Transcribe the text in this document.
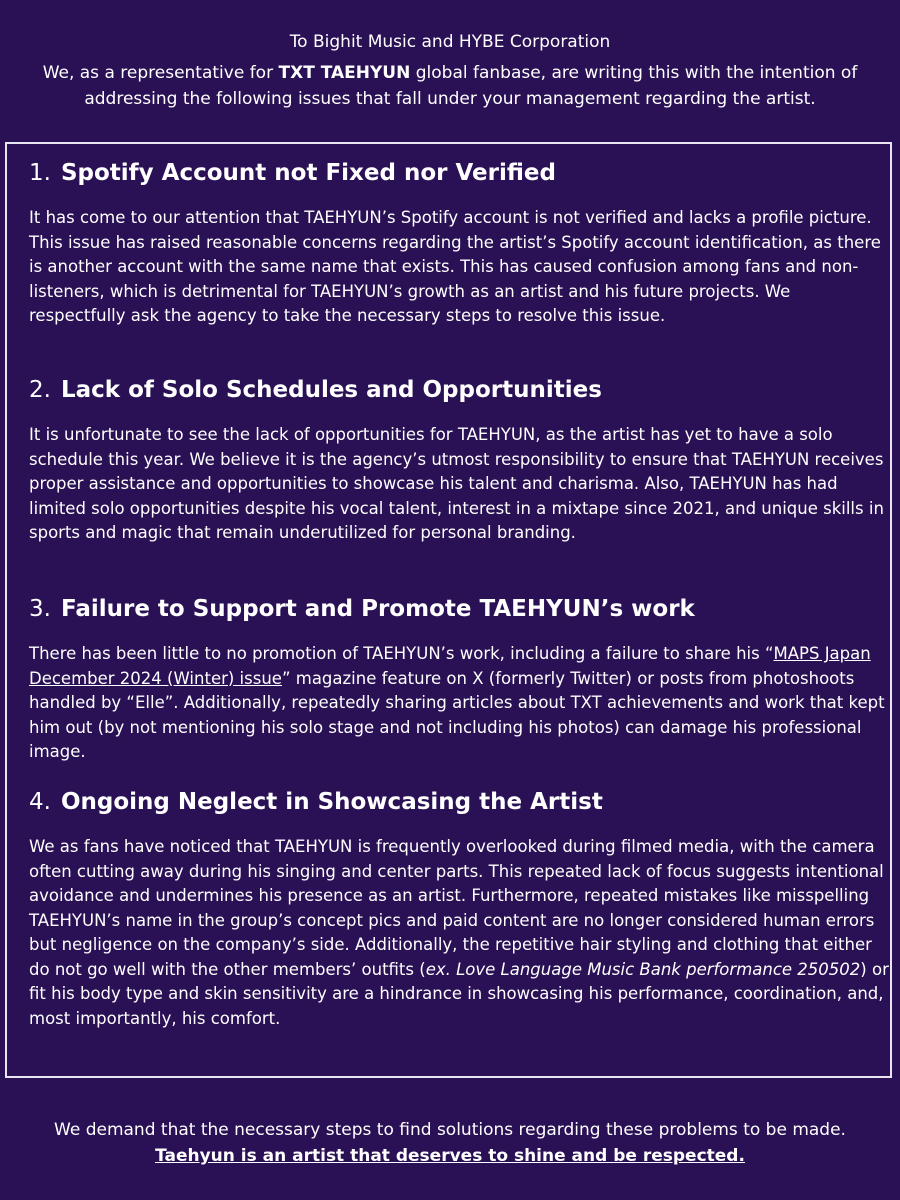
To Bighit Music and HYBE Corporation

We, as a representative for TXT TAEHYUN global fanbase, are writing this with the intention of addressing the following issues that fall under your management regarding the artist.

1. Spotify Account not Fixed nor Verified

It has come to our attention that TAEHYUN’s Spotify account is not verified and lacks a profile picture. This issue has raised reasonable concerns regarding the artist’s Spotify account identification, as there is another account with the same name that exists. This has caused confusion among fans and non-listeners, which is detrimental for TAEHYUN’s growth as an artist and his future projects. We respectfully ask the agency to take the necessary steps to resolve this issue.

2. Lack of Solo Schedules and Opportunities

It is unfortunate to see the lack of opportunities for TAEHYUN, as the artist has yet to have a solo schedule this year. We believe it is the agency’s utmost responsibility to ensure that TAEHYUN receives proper assistance and opportunities to showcase his talent and charisma. Also, TAEHYUN has had limited solo opportunities despite his vocal talent, interest in a mixtape since 2021, and unique skills in sports and magic that remain underutilized for personal branding.

3. Failure to Support and Promote TAEHYUN’s work

There has been little to no promotion of TAEHYUN’s work, including a failure to share his “MAPS Japan December 2024 (Winter) issue” magazine feature on X (formerly Twitter) or posts from photoshoots handled by “Elle”. Additionally, repeatedly sharing articles about TXT achievements and work that kept him out (by not mentioning his solo stage and not including his photos) can damage his professional image.

4. Ongoing Neglect in Showcasing the Artist

We as fans have noticed that TAEHYUN is frequently overlooked during filmed media, with the camera often cutting away during his singing and center parts. This repeated lack of focus suggests intentional avoidance and undermines his presence as an artist. Furthermore, repeated mistakes like misspelling TAEHYUN’s name in the group’s concept pics and paid content are no longer considered human errors but negligence on the company’s side. Additionally, the repetitive hair styling and clothing that either do not go well with the other members’ outfits (ex. Love Language Music Bank performance 250502) or fit his body type and skin sensitivity are a hindrance in showcasing his performance, coordination, and, most importantly, his comfort.

We demand that the necessary steps to find solutions regarding these problems to be made.

Taehyun is an artist that deserves to shine and be respected.
